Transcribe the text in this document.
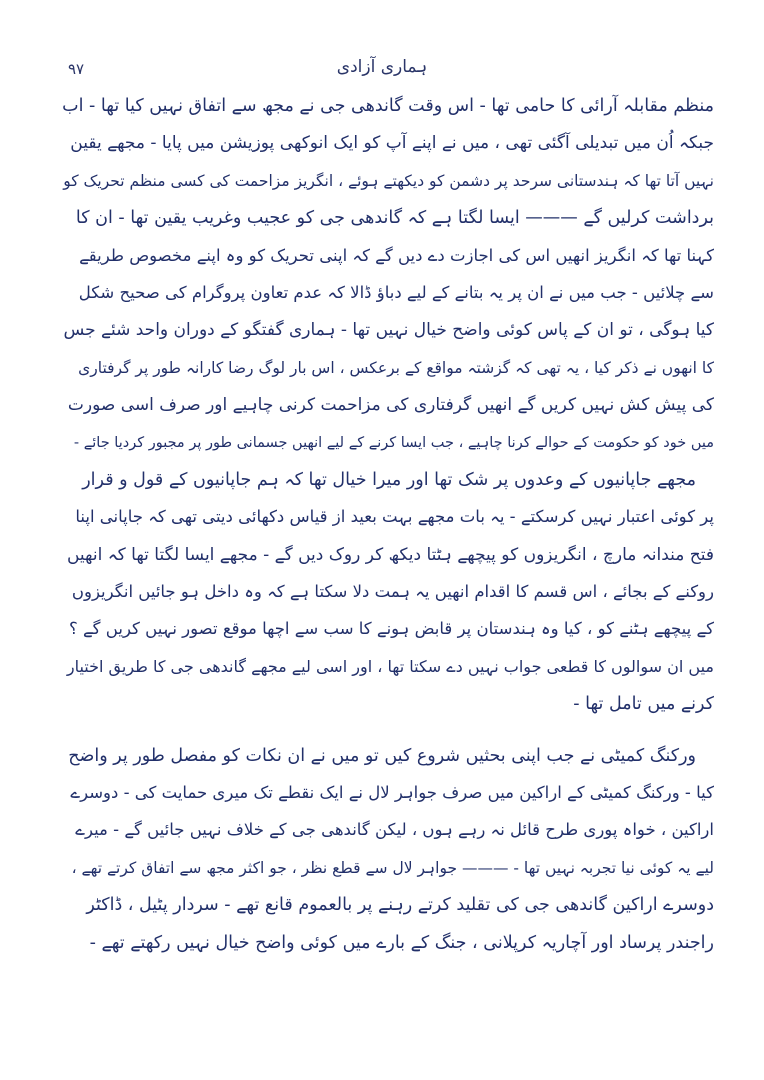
۹۷	ہماری آزادی
منظم مقابلہ آرائی کا حامی تھا - اس وقت گاندھی جی نے مجھ سے اتفاق نہیں کیا تھا - اب
جبکہ اُن میں تبدیلی آگئی تھی ، میں نے اپنے آپ کو ایک انوکھی پوزیشن میں پایا - مجھے یقین
نہیں آتا تھا کہ ہندستانی سرحد پر دشمن کو دیکھتے ہوئے ، انگریز مزاحمت کی کسی منظم تحریک کو
برداشت کرلیں گے ——— ایسا لگتا ہے کہ گاندھی جی کو عجیب وغریب یقین تھا - ان کا
کہنا تھا کہ انگریز انھیں اس کی اجازت دے دیں گے کہ اپنی تحریک کو وہ اپنے مخصوص طریقے
سے چلائیں - جب میں نے ان پر یہ بتانے کے لیے دباؤ ڈالا کہ عدم تعاون پروگرام کی صحیح شکل
کیا ہوگی ، تو ان کے پاس کوئی واضح خیال نہیں تھا - ہماری گفتگو کے دوران واحد شئے جس
کا انھوں نے ذکر کیا ، یہ تھی کہ گزشتہ مواقع کے برعکس ، اس بار لوگ رضا کارانہ طور پر گرفتاری
کی پیش کش نہیں کریں گے انھیں گرفتاری کی مزاحمت کرنی چاہیے اور صرف اسی صورت
میں خود کو حکومت کے حوالے کرنا چاہیے ، جب ایسا کرنے کے لیے انھیں جسمانی طور پر مجبور کردیا جائے -
مجھے جاپانیوں کے وعدوں پر شک تھا اور میرا خیال تھا کہ ہم جاپانیوں کے قول و قرار
پر کوئی اعتبار نہیں کرسکتے - یہ بات مجھے بہت بعید از قیاس دکھائی دیتی تھی کہ جاپانی اپنا
فتح مندانہ مارچ ، انگریزوں کو پیچھے ہٹتا دیکھ کر روک دیں گے - مجھے ایسا لگتا تھا کہ انھیں
روکنے کے بجائے ، اس قسم کا اقدام انھیں یہ ہمت دلا سکتا ہے کہ وہ داخل ہو جائیں انگریزوں
کے پیچھے ہٹنے کو ، کیا وہ ہندستان پر قابض ہونے کا سب سے اچھا موقع تصور نہیں کریں گے ؟
میں ان سوالوں کا قطعی جواب نہیں دے سکتا تھا ، اور اسی لیے مجھے گاندھی جی کا طریق اختیار
کرنے میں تامل تھا -
ورکنگ کمیٹی نے جب اپنی بحثیں شروع کیں تو میں نے ان نکات کو مفصل طور پر واضح
کیا - ورکنگ کمیٹی کے اراکین میں صرف جواہر لال نے ایک نقطے تک میری حمایت کی - دوسرے
اراکین ، خواہ پوری طرح قائل نہ رہے ہوں ، لیکن گاندھی جی کے خلاف نہیں جائیں گے - میرے
لیے یہ کوئی نیا تجربہ نہیں تھا - ——— جواہر لال سے قطع نظر ، جو اکثر مجھ سے اتفاق کرتے تھے ،
دوسرے اراکین گاندھی جی کی تقلید کرتے رہنے پر بالعموم قانع تھے - سردار پٹیل ، ڈاکٹر
راجندر پرساد اور آچاریہ کرپلانی ، جنگ کے بارے میں کوئی واضح خیال نہیں رکھتے تھے -
